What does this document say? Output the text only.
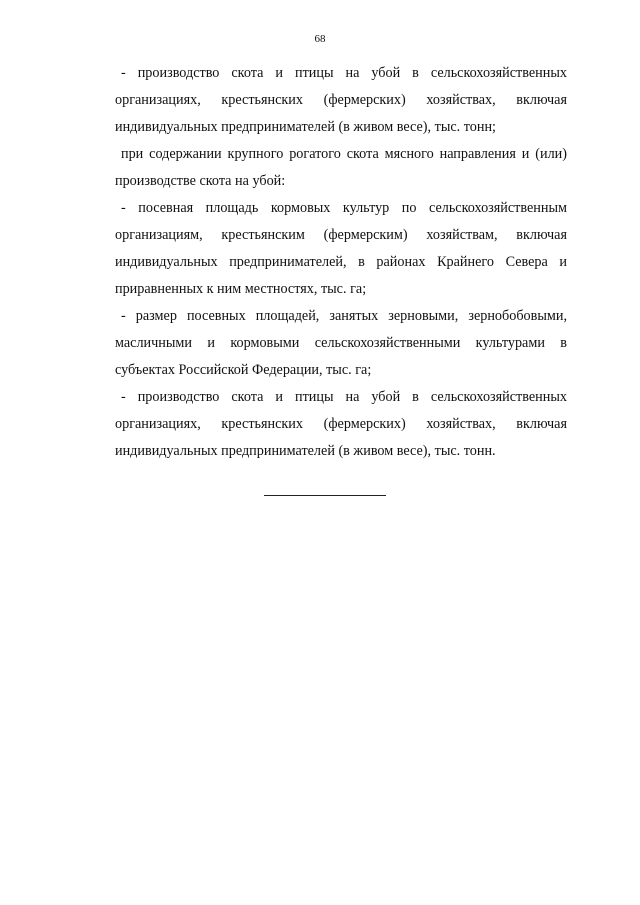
68

- производство скота и птицы на убой в сельскохозяйственных организациях, крестьянских (фермерских) хозяйствах, включая индивидуальных предпринимателей (в живом весе), тыс. тонн;

при содержании крупного рогатого скота мясного направления и (или) производстве скота на убой:

- посевная площадь кормовых культур по сельскохозяйственным организациям, крестьянским (фермерским) хозяйствам, включая индивидуальных предпринимателей, в районах Крайнего Севера и приравненных к ним местностях, тыс. га;

- размер посевных площадей, занятых зерновыми, зернобобовыми, масличными и кормовыми сельскохозяйственными культурами в субъектах Российской Федерации, тыс. га;

- производство скота и птицы на убой в сельскохозяйственных организациях, крестьянских (фермерских) хозяйствах, включая индивидуальных предпринимателей (в живом весе), тыс. тонн.
